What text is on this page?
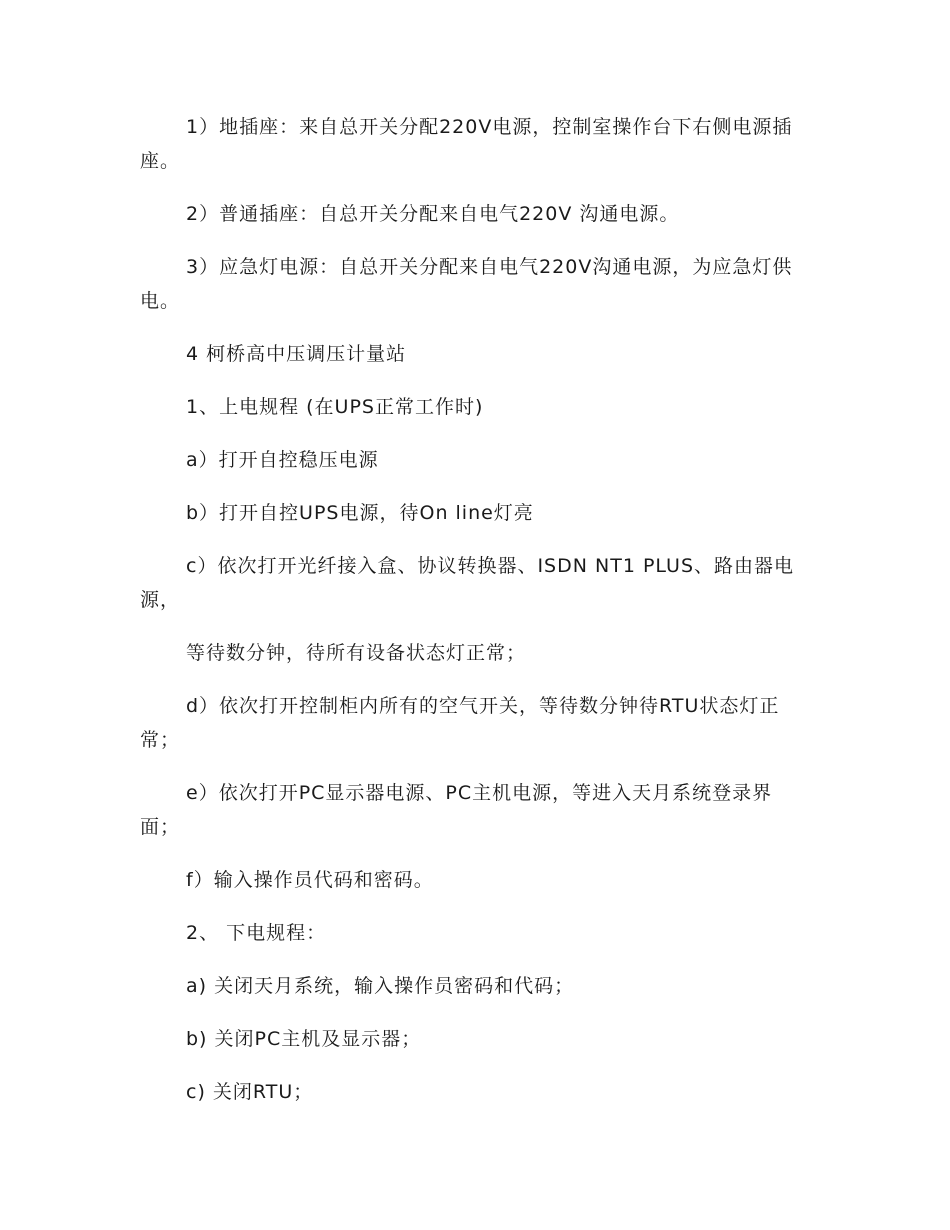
1）地插座：来自总开关分配220V电源，控制室操作台下右侧电源插座。

2）普通插座：自总开关分配来自电气220V 沟通电源。

3）应急灯电源：自总开关分配来自电气220V沟通电源，为应急灯供电。

4 柯桥高中压调压计量站

1、上电规程 (在UPS正常工作时)

a）打开自控稳压电源

b）打开自控UPS电源，待On line灯亮

c）依次打开光纤接入盒、协议转换器、ISDN NT1 PLUS、路由器电源，

等待数分钟，待所有设备状态灯正常；

d）依次打开控制柜内所有的空气开关，等待数分钟待RTU状态灯正常；

e）依次打开PC显示器电源、PC主机电源，等进入天月系统登录界面；

f）输入操作员代码和密码。

2、 下电规程：

a) 关闭天月系统，输入操作员密码和代码；

b) 关闭PC主机及显示器；

c) 关闭RTU；
